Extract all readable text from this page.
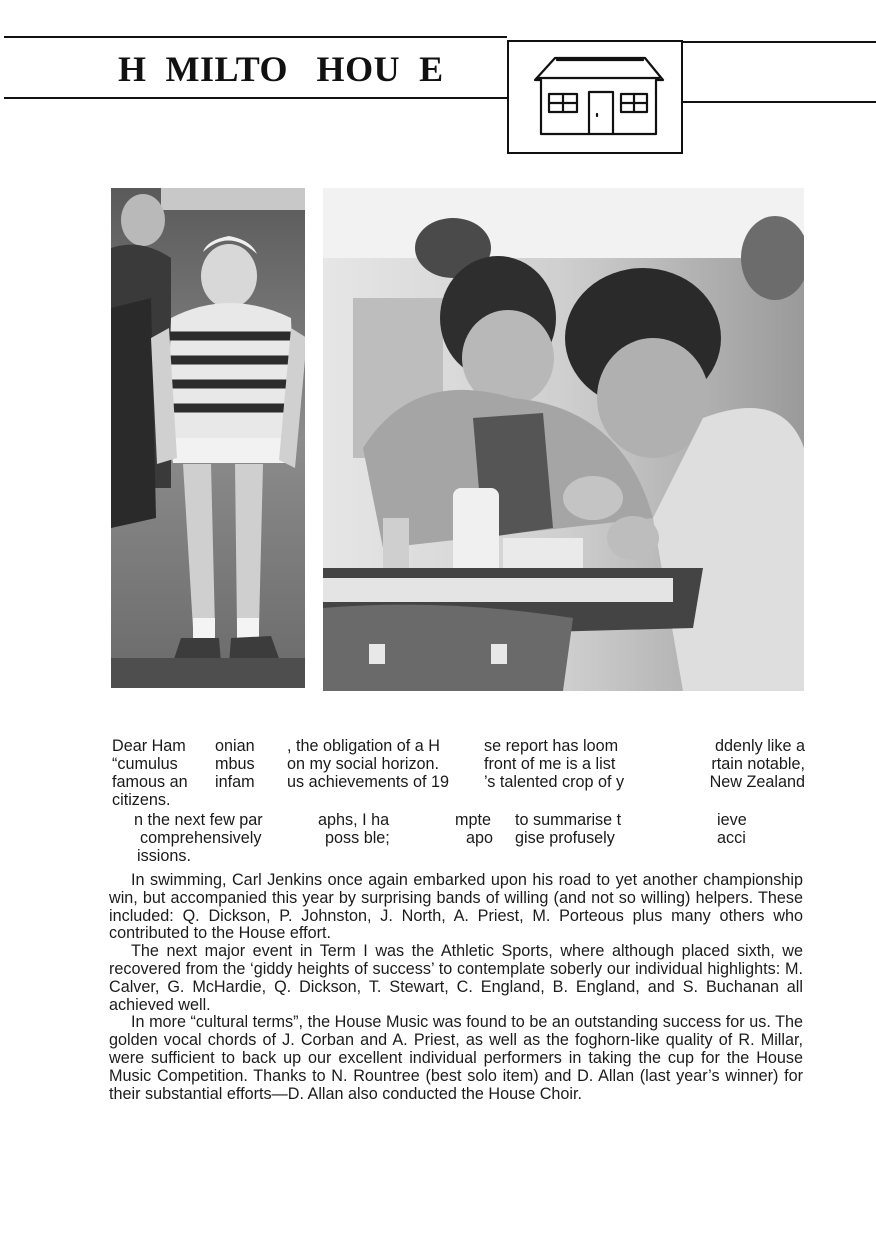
H  MILTO   HOU  E
Dear Ham onian , the obligation of a H	se report has loom	ddenly like a
“cumulus mbus on my social horizon.	front of me is a list	rtain notable,
famous an infam us achievements of 19 ’s talented crop of y	New Zealand
citizens.
n the next few par	aphs, I ha	mpte to summarise t	ieve
comprehensively	poss ble;	apo gise profusely	acci
issions.

In swimming, Carl Jenkins once again embarked upon his road to yet another championship win, but accompanied this year by surprising bands of willing (and not so willing) helpers. These included: Q. Dickson, P. Johnston, J. North, A. Priest, M. Porteous plus many others who contributed to the House effort.

The next major event in Term I was the Athletic Sports, where although placed sixth, we recovered from the ‘giddy heights of success’ to contemplate soberly our individual highlights: M. Calver, G. McHardie, Q. Dickson, T. Stewart, C. England, B. England, and S. Buchanan all achieved well.

In more “cultural terms”, the House Music was found to be an outstanding success for us. The golden vocal chords of J. Corban and A. Priest, as well as the foghorn-like quality of R. Millar, were sufficient to back up our excellent individual performers in taking the cup for the House Music Competition. Thanks to N. Rountree (best solo item) and D. Allan (last year’s winner) for their substantial efforts—D. Allan also conducted the House Choir.
